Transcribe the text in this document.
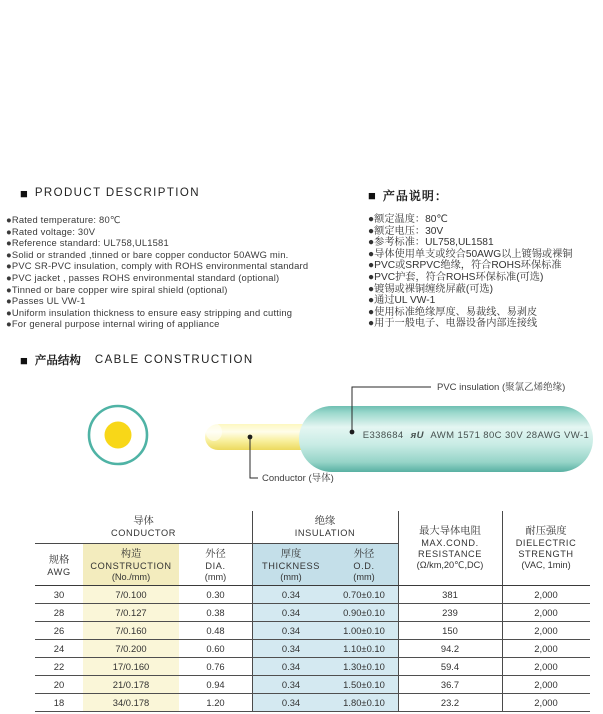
■ PRODUCT DESCRIPTION	■ 产品说明：
●Rated temperature: 80℃
●Rated voltage: 30V
●Reference standard: UL758,UL1581
●Solid or stranded ,tinned or bare copper conductor 50AWG min.
●PVC SR-PVC insulation, comply with ROHS environmental standard
●PVC jacket , passes ROHS environmental standard (optional)
●Tinned or bare copper wire spiral shield (optional)
●Passes UL VW-1
●Uniform insulation thickness to ensure easy stripping and cutting
●For general purpose internal wiring of appliance
●额定温度：80℃
●额定电压：30V
●参考标准：UL758,UL1581
●导体使用单支或绞合50AWG以上镀锡或裸铜
●PVC或SRPVC绝缘，符合ROHS环保标准
●PVC护套，符合ROHS环保标准(可选)
●镀锡或裸铜缠绕屏蔽(可选)
●通过UL VW-1
●使用标准绝缘厚度、易裁线、易剥皮
●用于一般电子、电器设备内部连接线
■ 产品结构 CABLE CONSTRUCTION
E338684 ᴙU AWM 1571 80C 30V 28AWG VW-1
PVC insulation (聚氯乙烯绝缘)
Conductor (导体)
导体
CONDUCTOR
绝缘
INSULATION
规格
AWG
构造
CONSTRUCTION
(No./mm)
外径
DIA.
(mm)
厚度
THICKNESS
(mm)
外径
O.D.
(mm)
最大导体电阻
MAX.COND.
RESISTANCE
(Ω/km,20℃,DC)
耐压强度
DIELECTRIC
STRENGTH
(VAC, 1min)
30	7/0.100	0.30	0.34	0.70±0.10	381	2,000
28	7/0.127	0.38	0.34	0.90±0.10	239	2,000
26	7/0.160	0.48	0.34	1.00±0.10	150	2,000
24	7/0.200	0.60	0.34	1.10±0.10	94.2	2,000
22	17/0.160	0.76	0.34	1.30±0.10	59.4	2,000
20	21/0.178	0.94	0.34	1.50±0.10	36.7	2,000
18	34/0.178	1.20	0.34	1.80±0.10	23.2	2,000
